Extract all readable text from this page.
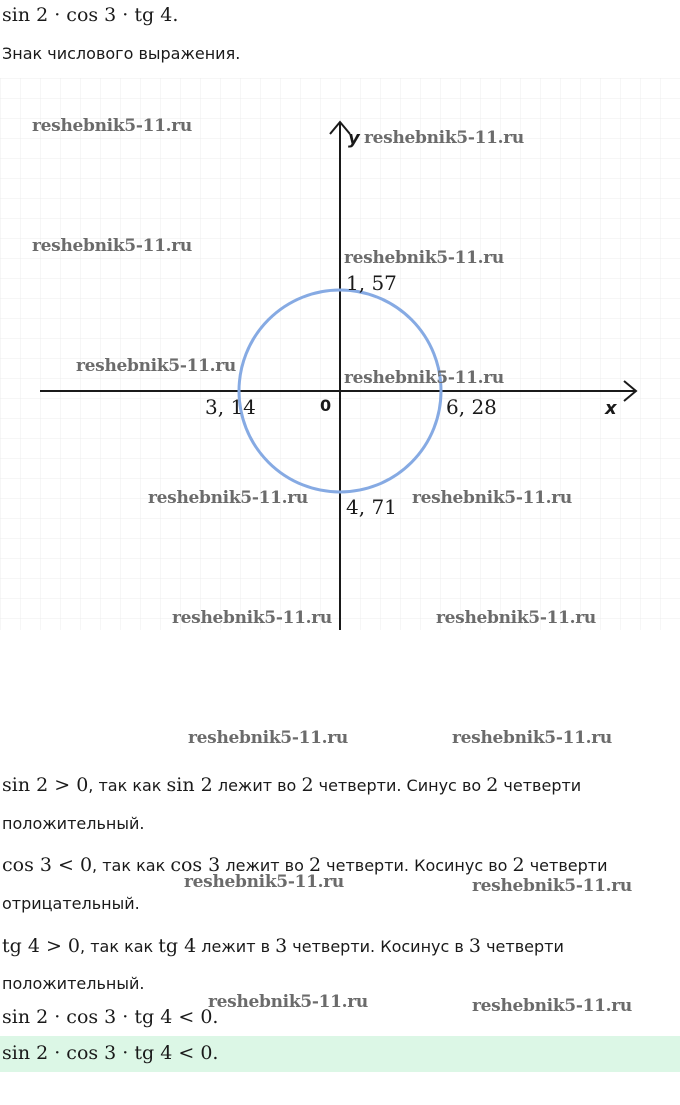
sin 2 · cos 3 · tg 4.
Знак числового выражения.
y
x
0
1, 57
3, 14	6, 28
4, 71
reshebnik5-11.ru
reshebnik5-11.ru
reshebnik5-11.ru
reshebnik5-11.ru
reshebnik5-11.ru
reshebnik5-11.ru
reshebnik5-11.ru	reshebnik5-11.ru
reshebnik5-11.ru	reshebnik5-11.ru
reshebnik5-11.ru	reshebnik5-11.ru
reshebnik5-11.ru	reshebnik5-11.ru
reshebnik5-11.ru	reshebnik5-11.ru
sin 2 > 0, так как sin 2 лежит во 2 четверти. Синус во 2 четверти
положительный.
cos 3 < 0, так как cos 3 лежит во 2 четверти. Косинус во 2 четверти
отрицательный.
tg 4 > 0, так как tg 4 лежит в 3 четверти. Косинус в 3 четверти
положительный.
sin 2 · cos 3 · tg 4 < 0.
sin 2 · cos 3 · tg 4 < 0.
